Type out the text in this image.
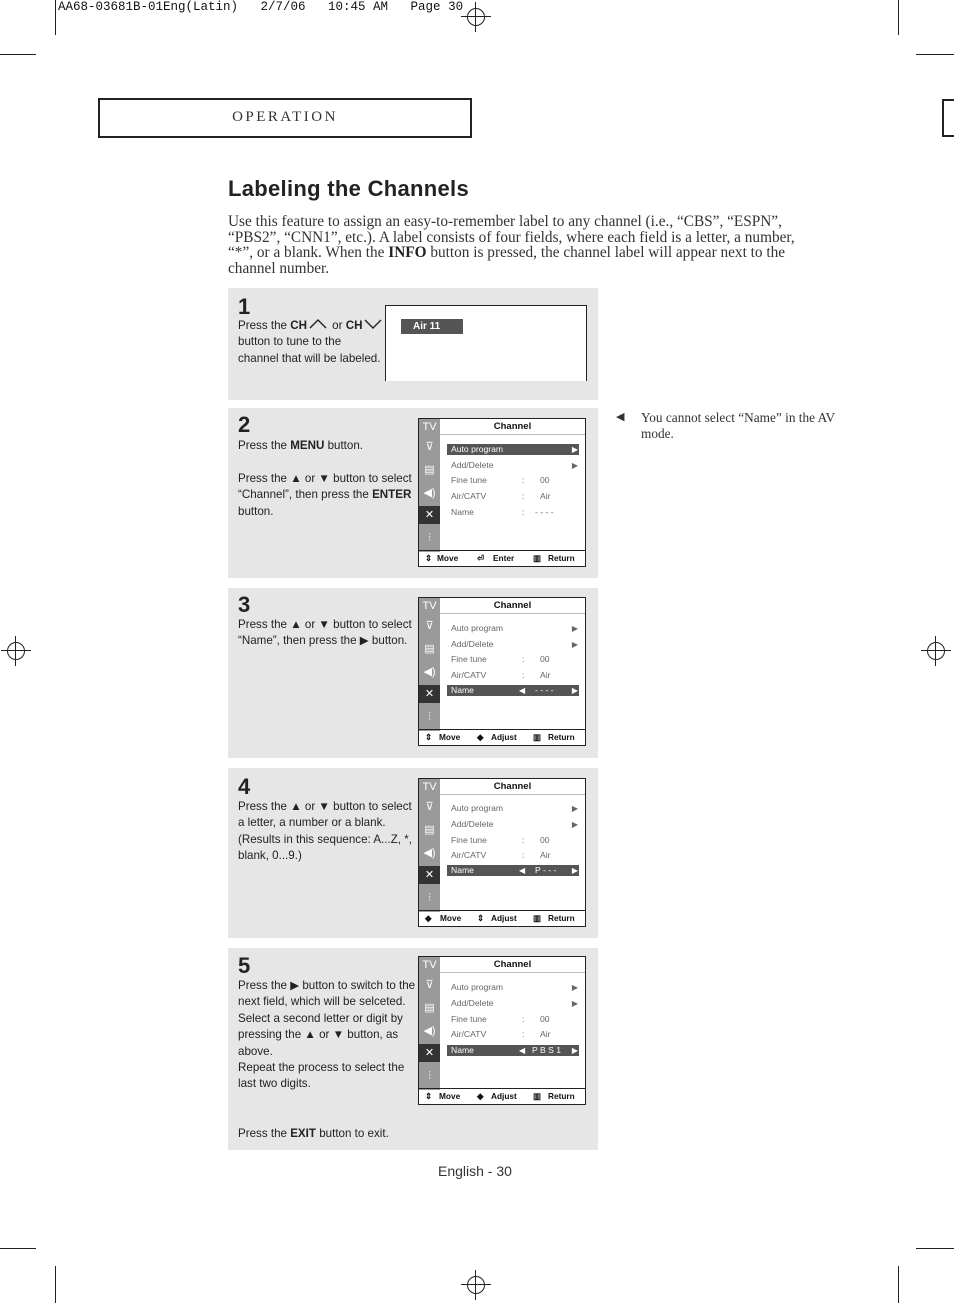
AA68-03681B-01Eng(Latin)   2/7/06   10:45 AM   Page 30
OPERATION
Labeling the Channels
Use this feature to assign an easy-to-remember label to any channel (i.e., “CBS”, “ESPN”, “PBS2”, “CNN1”, etc.). A label consists of four fields, where each field is a letter, a number, “*”, or a blank. When the INFO button is pressed, the channel label will appear next to the channel number.
1
Press the CH or CH
button to tune to the channel that will be labeled.
Air 11
2
Press the MENU button.

Press the ▲ or ▼ button to select “Channel”, then press the ENTER button.
TV
⊽
▤
◀)
✕
⫶
Channel
Auto program	▶
Add/Delete	▶
Fine tune	: 00
Air/CATV	: Air
Name	: - - - -
⇕ Move ⏎ Enter ▥ Return
3
Press the ▲ or ▼ button to select “Name”, then press the ▶ button.
TV
⊽
▤
◀)
✕
⫶
Channel
Auto program	▶
Add/Delete	▶
Fine tune	: 00
Air/CATV	: Air
Name	◀ - - - - ▶
⇕ Move ◆ Adjust ▥ Return
4
Press the ▲ or ▼ button to select a letter, a number or a blank. (Results in this sequence: A...Z, *, blank, 0...9.)
TV
⊽
▤
◀)
✕
⫶
Channel
Auto program	▶
Add/Delete	▶
Fine tune	: 00
Air/CATV	: Air
Name	◀ P - - - ▶
◆ Move ⇕ Adjust ▥ Return
5
Press the ▶ button to switch to the next field, which will be selceted.
Select a second letter or digit by pressing the ▲ or ▼ button, as above.
Repeat the process to select the last two digits.
Press the EXIT button to exit.
TV
⊽
▤
◀)
✕
⫶
Channel
Auto program	▶
Add/Delete	▶
Fine tune	: 00
Air/CATV	: Air
Name	◀ P B S 1 ▶
⇕ Move ◆ Adjust ▥ Return
◀ You cannot select “Name” in the AV mode.
English - 30
